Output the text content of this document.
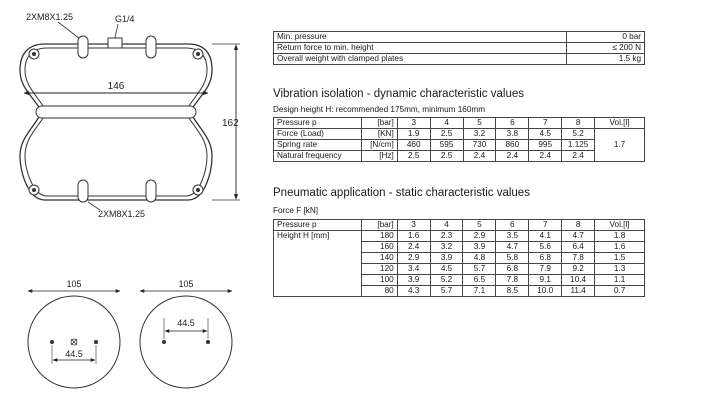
2XM8X1.25	G1/4
146
162
2XM8X1.25
105
44.5
105
44.5
Min. pressure	0 bar
Return force to min. height	≤ 200 N
Overall weight with clamped plates	1.5 kg
Vibration isolation - dynamic characteristic values
Design height H: recommended 175mm, minimum 160mm
Pressure p	[bar]	3	4	5	6	7	8	Vol.[l]
Force (Load)	[KN]	1.9	2.5	3.2	3.8	4.5	5.2	1.7
Spring rate	[N/cm]	460	595	730	860	995	1.125	
Natural frequency	[Hz]	2.5	2.5	2.4	2.4	2.4	2.4	
Pneumatic application - static characteristic values
Force F [kN]
Pressure p	[bar]	3	4	5	6	7	8	Vol.[l]
Height H [mm]	180	1.6	2.3	2.9	3.5	4.1	4.7	1.8
	160	2.4	3.2	3.9	4.7	5.6	6.4	1.6
	140	2.9	3.9	4.8	5.8	6.8	7.8	1.5
	120	3.4	4.5	5.7	6.8	7.9	9.2	1.3
	100	3.9	5.2	6.5	7.8	9.1	10.4	1.1
	80	4.3	5.7	7.1	8.5	10.0	11.4	0.7
